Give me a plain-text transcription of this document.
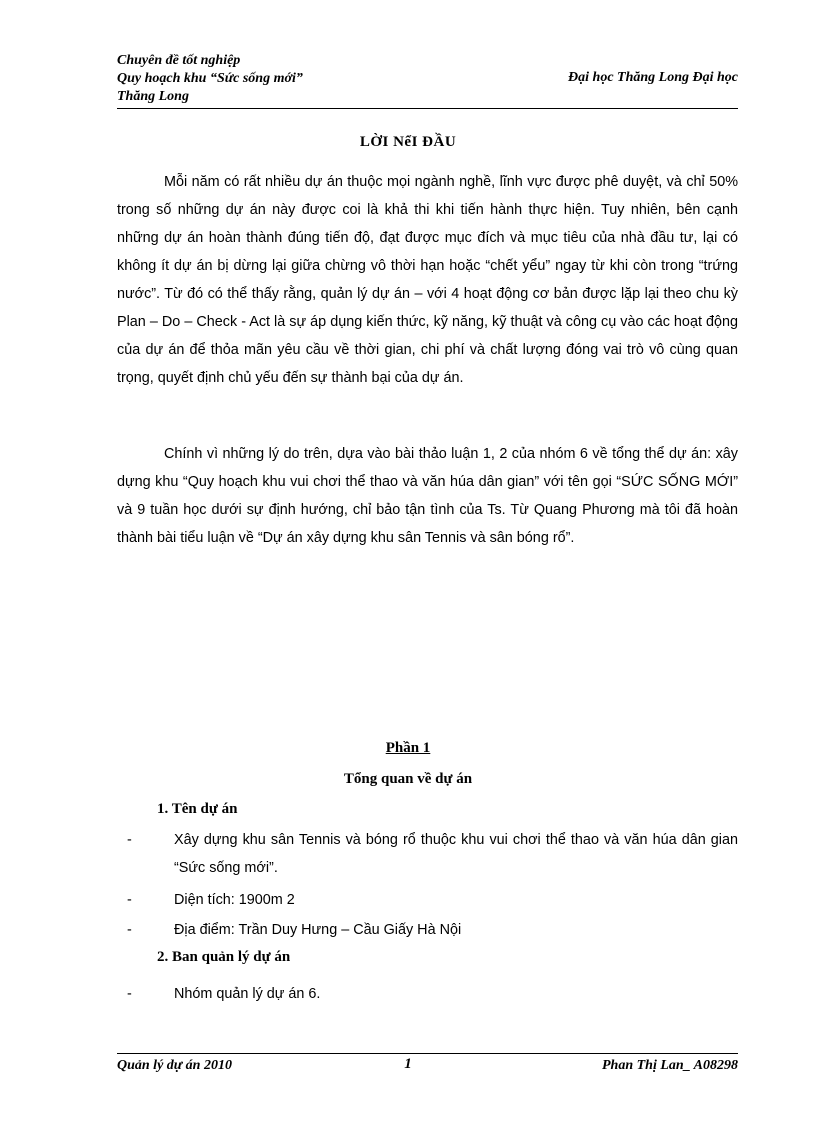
Chuyên đề tốt nghiệp
Quy hoạch khu “Sức sống mới”
Thăng Long
Đại học Thăng Long Đại học
LỜI NểI ĐẦU

Mỗi năm có rất nhiều dự án thuộc mọi ngành nghề, lĩnh vực được phê duyệt, và chỉ 50% trong số những dự án này được coi là khả thi khi tiến hành thực hiện. Tuy nhiên, bên cạnh những dự án hoàn thành đúng tiến độ, đạt được mục đích và mục tiêu của nhà đầu tư, lại có không ít dự án bị dừng lại giữa chừng vô thời hạn hoặc “chết yểu” ngay từ khi còn trong “trứng nước”. Từ đó có thể thấy rằng, quản lý dự án – với 4 hoạt động cơ bản được lặp lại theo chu kỳ Plan – Do – Check - Act là sự áp dụng kiến thức, kỹ năng, kỹ thuật và công cụ vào các hoạt động của dự án để thỏa mãn yêu cầu về thời gian, chi phí và chất lượng đóng vai trò vô cùng quan trọng, quyết định chủ yếu đến sự thành bại của dự án.

Chính vì những lý do trên, dựa vào bài thảo luận 1, 2 của nhóm 6 về tổng thể dự án: xây dựng khu “Quy hoạch khu vui chơi thể thao và văn húa dân gian” với tên gọi “SỨC SỐNG MỚI” và 9 tuần học dưới sự định hướng, chỉ bảo tận tình của Ts. Từ Quang Phương mà tôi đã hoàn thành bài tiểu luận về “Dự án xây dựng khu sân Tennis và sân bóng rổ”.

Phần 1
Tổng quan về dự án
1. Tên dự án
-	Xây dựng khu sân Tennis và bóng rổ thuộc khu vui chơi thể thao và văn húa dân gian “Sức sống mới”.
-	Diện tích: 1900m 2
-	Địa điểm: Trần Duy Hưng – Cầu Giấy Hà Nội
2. Ban quản lý dự án
-	Nhóm quản lý dự án 6.
Quản lý dự án 2010	1	Phan Thị Lan_ A08298
